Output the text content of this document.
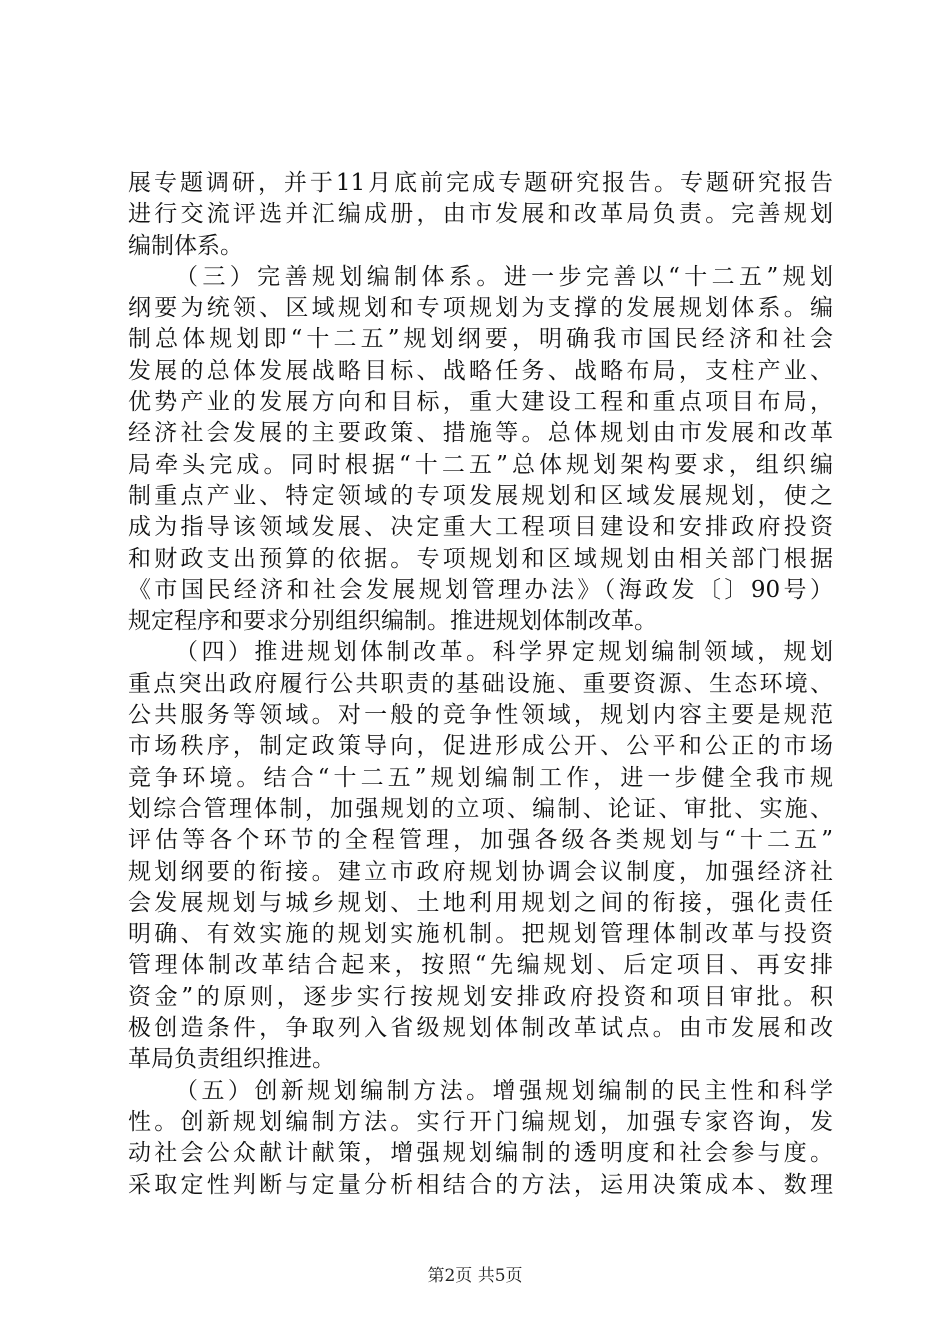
展专题调研，并于11月底前完成专题研究报告。专题研究报告
进行交流评选并汇编成册，由市发展和改革局负责。完善规划
编制体系。
（三）完善规划编制体系。进一步完善以“十二五”规划
纲要为统领、区域规划和专项规划为支撑的发展规划体系。编
制总体规划即“十二五”规划纲要，明确我市国民经济和社会
发展的总体发展战略目标、战略任务、战略布局，支柱产业、
优势产业的发展方向和目标，重大建设工程和重点项目布局，
经济社会发展的主要政策、措施等。总体规划由市发展和改革
局牵头完成。同时根据“十二五”总体规划架构要求，组织编
制重点产业、特定领域的专项发展规划和区域发展规划，使之
成为指导该领域发展、决定重大工程项目建设和安排政府投资
和财政支出预算的依据。专项规划和区域规划由相关部门根据
《市国民经济和社会发展规划管理办法》（海政发〔〕90号）
规定程序和要求分别组织编制。推进规划体制改革。
（四）推进规划体制改革。科学界定规划编制领域，规划
重点突出政府履行公共职责的基础设施、重要资源、生态环境、
公共服务等领域。对一般的竞争性领域，规划内容主要是规范
市场秩序，制定政策导向，促进形成公开、公平和公正的市场
竞争环境。结合“十二五”规划编制工作，进一步健全我市规
划综合管理体制，加强规划的立项、编制、论证、审批、实施、
评估等各个环节的全程管理，加强各级各类规划与“十二五”
规划纲要的衔接。建立市政府规划协调会议制度，加强经济社
会发展规划与城乡规划、土地利用规划之间的衔接，强化责任
明确、有效实施的规划实施机制。把规划管理体制改革与投资
管理体制改革结合起来，按照“先编规划、后定项目、再安排
资金”的原则，逐步实行按规划安排政府投资和项目审批。积
极创造条件，争取列入省级规划体制改革试点。由市发展和改
革局负责组织推进。
（五）创新规划编制方法。增强规划编制的民主性和科学
性。创新规划编制方法。实行开门编规划，加强专家咨询，发
动社会公众献计献策，增强规划编制的透明度和社会参与度。
采取定性判断与定量分析相结合的方法，运用决策成本、数理
第2页 共5页
